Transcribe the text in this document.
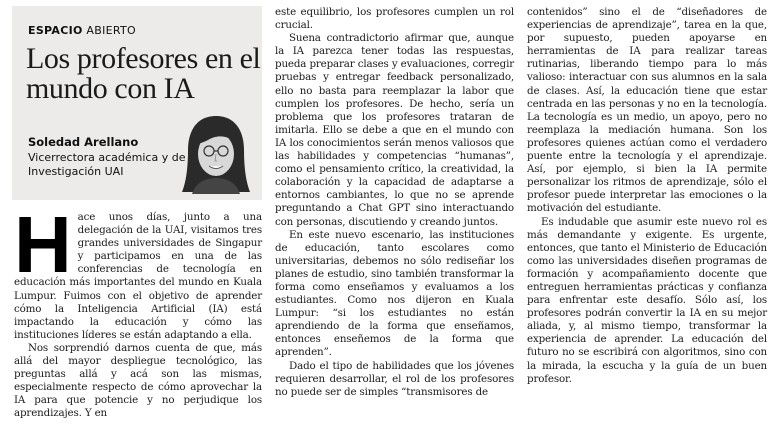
ESPACIO ABIERTO
Los profesores en el mundo con IA
Soledad Arellano
Vicerrectora académica y de Investigación UAI
H ace unos días, junto a una delegación de la UAI, visitamos tres grandes universidades de Singapur y participamos en una de las conferencias de tecnología en educación más importantes del mundo en Kuala Lumpur. Fuimos con el objetivo de aprender cómo la Inteligencia Artificial (IA) está impactando la educación y cómo las instituciones líderes se están adaptando a ella.

Nos sorprendió darnos cuenta de que, más allá del mayor despliegue tecnológico, las preguntas allá y acá son las mismas, especialmente respecto de cómo aprovechar la IA para que potencie y no perjudique los aprendizajes. Y en

este equilibrio, los profesores cumplen un rol crucial.

Suena contradictorio afirmar que, aunque la IA parezca tener todas las respuestas, pueda preparar clases y evaluaciones, corregir pruebas y entregar feedback personalizado, ello no basta para reemplazar la labor que cumplen los profesores. De hecho, sería un problema que los profesores trataran de imitarla. Ello se debe a que en el mundo con IA los conocimientos serán menos valiosos que las habilidades y competencias “humanas”, como el pensamiento crítico, la creatividad, la colaboración y la capacidad de adaptarse a entornos cambiantes, lo que no se aprende preguntando a Chat GPT sino interactuando con personas, discutiendo y creando juntos.

En este nuevo escenario, las instituciones de educación, tanto escolares como universitarias, debemos no sólo rediseñar los planes de estudio, sino también transformar la forma como enseñamos y evaluamos a los estudiantes. Como nos dijeron en Kuala Lumpur: “si los estudiantes no están aprendiendo de la forma que enseñamos, entonces enseñemos de la forma que aprenden”.

Dado el tipo de habilidades que los jóvenes requieren desarrollar, el rol de los profesores no puede ser de simples “transmisores de

contenidos” sino el de “diseñadores de experiencias de aprendizaje”, tarea en la que, por supuesto, pueden apoyarse en herramientas de IA para realizar tareas rutinarias, liberando tiempo para lo más valioso: interactuar con sus alumnos en la sala de clases. Así, la educación tiene que estar centrada en las personas y no en la tecnología. La tecnología es un medio, un apoyo, pero no reemplaza la mediación humana. Son los profesores quienes actúan como el verdadero puente entre la tecnología y el aprendizaje. Así, por ejemplo, si bien la IA permite personalizar los ritmos de aprendizaje, sólo el profesor puede interpretar las emociones o la motivación del estudiante.

Es indudable que asumir este nuevo rol es más demandante y exigente. Es urgente, entonces, que tanto el Ministerio de Educación como las universidades diseñen programas de formación y acompañamiento docente que entreguen herramientas prácticas y confianza para enfrentar este desafío. Sólo así, los profesores podrán convertir la IA en su mejor aliada, y, al mismo tiempo, transformar la experiencia de aprender. La educación del futuro no se escribirá con algoritmos, sino con la mirada, la escucha y la guía de un buen profesor.
